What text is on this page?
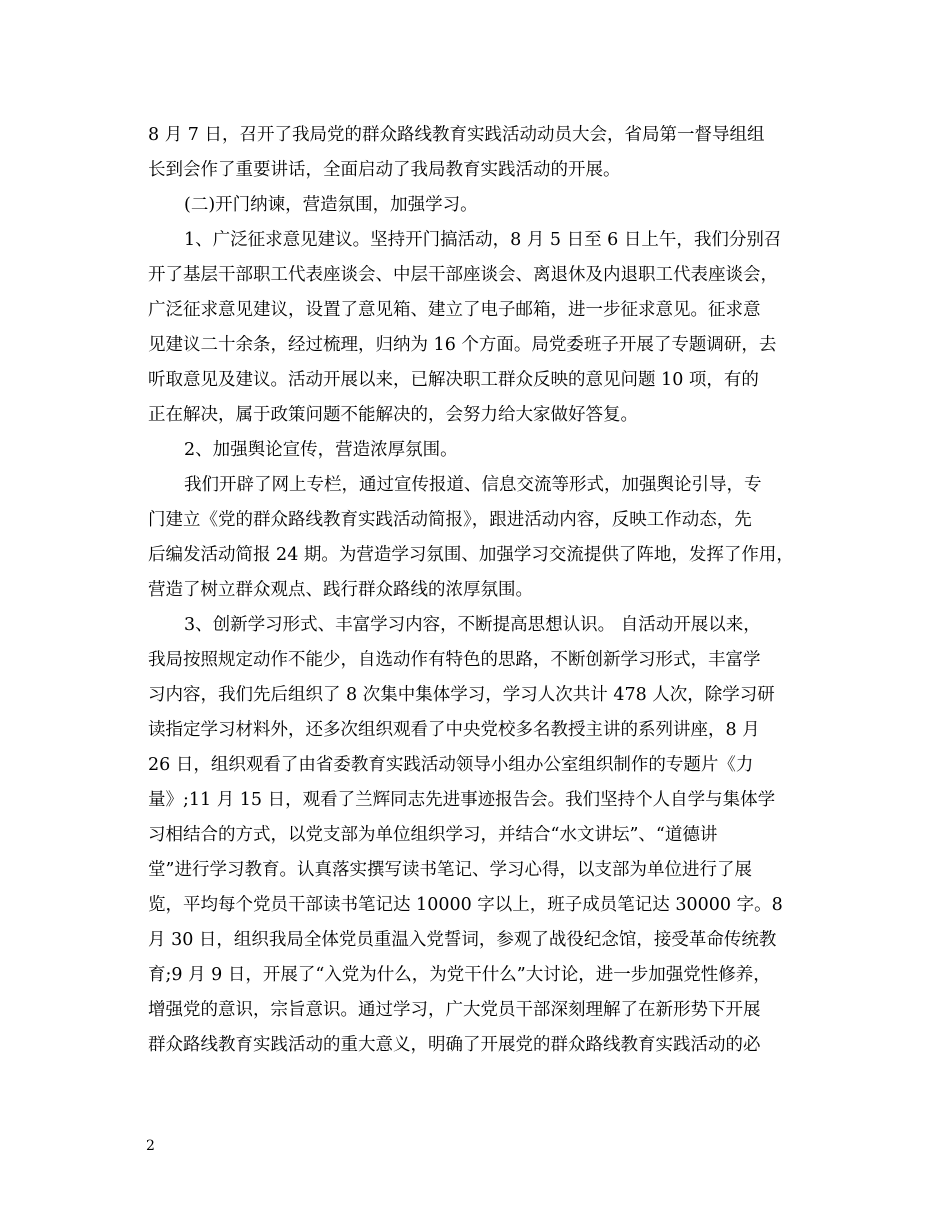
8 月 7 日，召开了我局党的群众路线教育实践活动动员大会，省局第一督导组组
长到会作了重要讲话，全面启动了我局教育实践活动的开展。
(二)开门纳谏，营造氛围，加强学习。
1、广泛征求意见建议。坚持开门搞活动，8 月 5 日至 6 日上午，我们分别召
开了基层干部职工代表座谈会、中层干部座谈会、离退休及内退职工代表座谈会，
广泛征求意见建议，设置了意见箱、建立了电子邮箱，进一步征求意见。征求意
见建议二十余条，经过梳理，归纳为 16 个方面。局党委班子开展了专题调研，去
听取意见及建议。活动开展以来，已解决职工群众反映的意见问题 10 项，有的
正在解决，属于政策问题不能解决的，会努力给大家做好答复。
2、加强舆论宣传，营造浓厚氛围。
我们开辟了网上专栏，通过宣传报道、信息交流等形式，加强舆论引导，专
门建立《党的群众路线教育实践活动简报》，跟进活动内容，反映工作动态，先
后编发活动简报 24 期。为营造学习氛围、加强学习交流提供了阵地，发挥了作用，
营造了树立群众观点、践行群众路线的浓厚氛围。
3、创新学习形式、丰富学习内容，不断提高思想认识。 自活动开展以来，
我局按照规定动作不能少，自选动作有特色的思路，不断创新学习形式，丰富学
习内容，我们先后组织了 8 次集中集体学习，学习人次共计 478 人次，除学习研
读指定学习材料外，还多次组织观看了中央党校多名教授主讲的系列讲座，8 月
26 日，组织观看了由省委教育实践活动领导小组办公室组织制作的专题片《力
量》;11 月 15 日，观看了兰辉同志先进事迹报告会。我们坚持个人自学与集体学
习相结合的方式，以党支部为单位组织学习，并结合“水文讲坛”、“道德讲
堂”进行学习教育。认真落实撰写读书笔记、学习心得，以支部为单位进行了展
览，平均每个党员干部读书笔记达 10000 字以上，班子成员笔记达 30000 字。8
月 30 日，组织我局全体党员重温入党誓词，参观了战役纪念馆，接受革命传统教
育;9 月 9 日，开展了“入党为什么，为党干什么”大讨论，进一步加强党性修养，
增强党的意识，宗旨意识。通过学习，广大党员干部深刻理解了在新形势下开展
群众路线教育实践活动的重大意义，明确了开展党的群众路线教育实践活动的必
2
